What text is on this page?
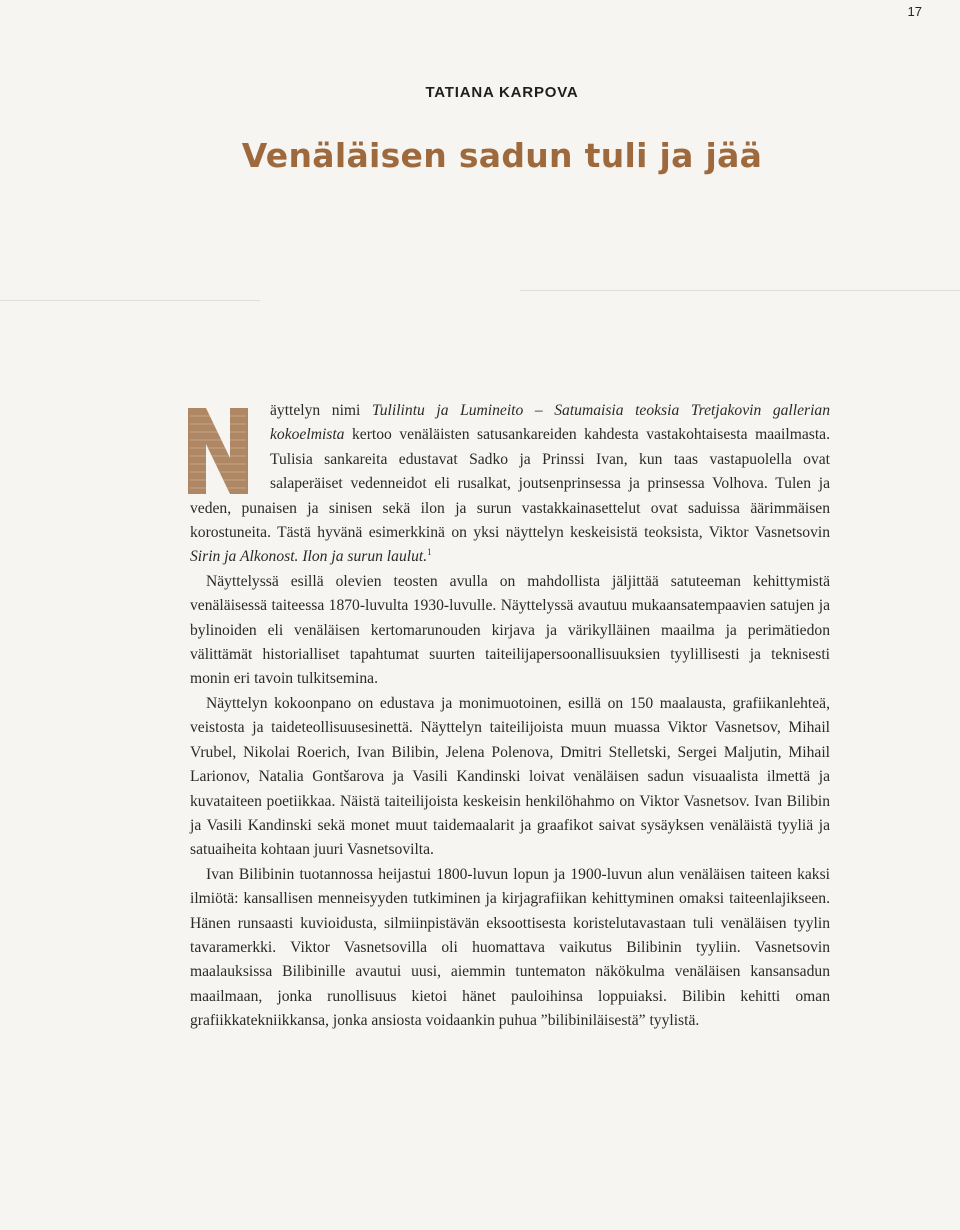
17
TATIANA KARPOVA
Venäläisen sadun tuli ja jää

äyttelyn nimi Tulilintu ja Lumineito – Satumaisia teoksia Tretjakovin gallerian kokoelmista kertoo venäläisten satusankareiden kahdesta vastakohtaisesta maailmasta. Tulisia sankareita edustavat Sadko ja Prinssi Ivan, kun taas vastapuolella ovat salaperäiset vedenneidot eli rusalkat, joutsenprinsessa ja prinsessa Volhova. Tulen ja veden, punaisen ja sinisen sekä ilon ja surun vastakkainasettelut ovat saduissa äärimmäisen korostuneita. Tästä hyvänä esimerkkinä on yksi näyttelyn keskeisistä teoksista, Viktor Vasnetsovin Sirin ja Alkonost. Ilon ja surun laulut.$^1$

Näyttelyssä esillä olevien teosten avulla on mahdollista jäljittää satuteeman kehittymistä venäläisessä taiteessa 1870-luvulta 1930-luvulle. Näyttelyssä avautuu mukaansatempaavien satujen ja bylinoiden eli venäläisen kertomarunouden kirjava ja värikylläinen maailma ja perimätiedon välittämät historialliset tapahtumat suurten taiteilijapersoonallisuuksien tyylillisesti ja teknisesti monin eri tavoin tulkitsemina.

Näyttelyn kokoonpano on edustava ja monimuotoinen, esillä on 150 maalausta, grafiikanlehteä, veistosta ja taideteollisuusesinettä. Näyttelyn taiteilijoista muun muassa Viktor Vasnetsov, Mihail Vrubel, Nikolai Roerich, Ivan Bilibin, Jelena Polenova, Dmitri Stelletski, Sergei Maljutin, Mihail Larionov, Natalia Gontšarova ja Vasili Kandinski loivat venäläisen sadun visuaalista ilmettä ja kuvataiteen poetiikkaa. Näistä taiteilijoista keskeisin henkilöhahmo on Viktor Vasnetsov. Ivan Bilibin ja Vasili Kandinski sekä monet muut taidemaalarit ja graafikot saivat sysäyksen venäläistä tyyliä ja satuaiheita kohtaan juuri Vasnetsovilta.

Ivan Bilibinin tuotannossa heijastui 1800-luvun lopun ja 1900-luvun alun venäläisen taiteen kaksi ilmiötä: kansallisen menneisyyden tutkiminen ja kirjagrafiikan kehittyminen omaksi taiteenlajikseen. Hänen runsaasti kuvioidusta, silmiinpistävän eksoottisesta koristelutavastaan tuli venäläisen tyylin tavaramerkki. Viktor Vasnetsovilla oli huomattava vaikutus Bilibinin tyyliin. Vasnetsovin maalauksissa Bilibinille avautui uusi, aiemmin tuntematon näkökulma venäläisen kansansadun maailmaan, jonka runollisuus kietoi hänet pauloihinsa loppuiaksi. Bilibin kehitti oman grafiikkatekniikkansa, jonka ansiosta voidaankin puhua ”bilibiniläisestä” tyylistä.
